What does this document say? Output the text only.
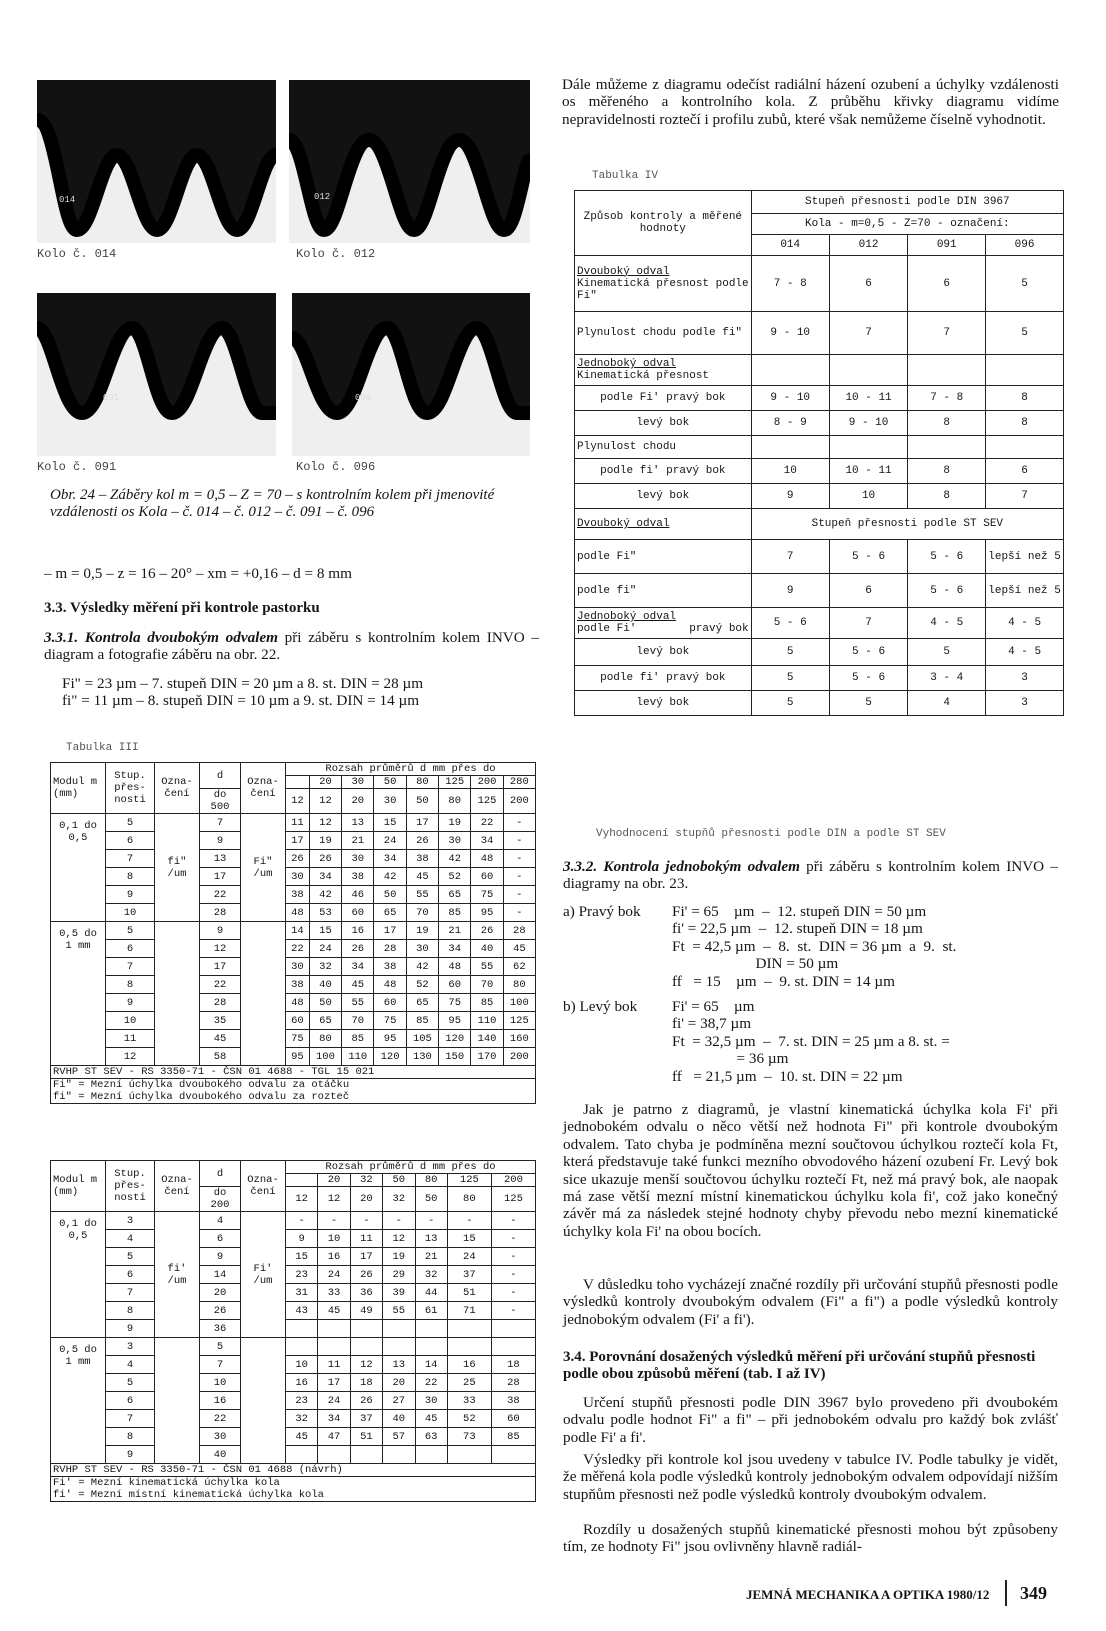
014	012
Kolo č. 014	Kolo č. 012
091	096
Kolo č. 091	Kolo č. 096
Obr. 24 – Záběry kol m = 0,5 – Z = 70 – s kontrolním kolem při jmenovité vzdálenosti os Kola – č. 014 – č. 012 – č. 091 – č. 096
– m = 0,5 – z = 16 – 20° – xm = +0,16 – d = 8 mm
3.3. Výsledky měření při kontrole pastorku
3.3.1. Kontrola dvoubokým odvalem při záběru s kontrolním kolem INVO – diagram a fotografie záběru na obr. 22.
Fi" = 23 µm – 7. stupeň DIN = 20 µm a 8. st. DIN = 28 µm
fi" = 11 µm – 8. stupeň DIN = 10 µm a 9. st. DIN = 14 µm
Tabulka III
Modul m (mm)	Stup. přes-nosti	Ozna-čení	d	Ozna-čení	Rozsah průměrů d mm přes do							
						20	30	50	80	125	200	280
			do 500		12	12	20	30	50	80	125	200
0,1 do 0,5	5	fi" /um	7	Fi" /um	11	12	13	15	17	19	22	-
	6		9		17	19	21	24	26	30	34	-
	7		13		26	26	30	34	38	42	48	-
	8		17		30	34	38	42	45	52	60	-
	9		22		38	42	46	50	55	65	75	-
	10		28		48	53	60	65	70	85	95	-
0,5 do 1 mm	5		9		14	15	16	17	19	21	26	28
	6		12		22	24	26	28	30	34	40	45
	7		17		30	32	34	38	42	48	55	62
	8		22		38	40	45	48	52	60	70	80
	9		28		48	50	55	60	65	75	85	100
	10		35		60	65	70	75	85	95	110	125
	11		45		75	80	85	95	105	120	140	160
	12		58		95	100	110	120	130	150	170	200
RVHP ST SEV - RS 3350-71 - ČSN 01 4688 - TGL 15 021												

Fi" = Mezní úchylka dvoubokého odvalu za otáčku
fi" = Mezní úchylka dvoubokého odvalu za rozteč												
Modul m (mm)	Stup. přes-nosti	Ozna-čení	d	Ozna-čení	Rozsah průměrů d mm přes do						
						20	32	50	80	125	200
			do 200		12	12	20	32	50	80	125
0,1 do 0,5	3	fi' /um	4	Fi' /um	-	-	-	-	-	-	-
	4		6		9	10	11	12	13	15	-
	5		9		15	16	17	19	21	24	-
	6		14		23	24	26	29	32	37	-
	7		20		31	33	36	39	44	51	-
	8		26		43	45	49	55	61	71	-
	9		36								
0,5 do 1 mm	3		5								
	4		7		10	11	12	13	14	16	18
	5		10		16	17	18	20	22	25	28
	6		16		23	24	26	27	30	33	38
	7		22		32	34	37	40	45	52	60
	8		30		45	47	51	57	63	73	85
	9		40								
RVHP ST SEV - RS 3350-71 - ČSN 01 4688 (návrh)											

Fi' = Mezní kinematická úchylka kola
fi' = Mezní místní kinematická úchylka kola											
Dále můžeme z diagramu odečíst radiální házení ozubení a úchylky vzdálenosti os měřeného a kontrolního kola. Z průběhu křivky diagramu vidíme nepravidelnosti roztečí i profilu zubů, které však nemůžeme číselně vyhodnotit.
Tabulka IV
Způsob kontroly a měřené hodnoty	Stupeň přesnosti podle DIN 3967			
	Kola - m=0,5 - Z=70 - označení:			
	014	012	091	096

Dvouboký odval
Kinematická přesnost podle Fi"	7 - 8	6	6	5
Plynulost chodu podle fi"	9 - 10	7	7	5

Jednoboký odval
Kinematická přesnost				

podle Fi' pravý bok	9 - 10	10 - 11	7 - 8	8
levý bok	8 - 9	9 - 10	8	8
Plynulost chodu				
podle fi' pravý bok	10	10 - 11	8	6
levý bok	9	10	8	7
Dvouboký odval	Stupeň přesnosti podle ST SEV			
podle Fi"	7	5 - 6	5 - 6	lepší než 5
podle fi"	9	6	5 - 6	lepší než 5

Jednoboký odval
podle Fi'        pravý bok	5 - 6	7	4 - 5	4 - 5
levý bok	5	5 - 6	5	4 - 5
podle fi' pravý bok	5	5 - 6	3 - 4	3
levý bok	5	5	4	3
Vyhodnocení stupňů přesnosti podle DIN a podle ST SEV
3.3.2. Kontrola jednobokým odvalem při záběru s kontrolním kolem INVO – diagramy na obr. 23.
a) Pravý bok	Fi' = 65    µm  –  12. stupeň DIN = 50 µm
fi' = 22,5 µm  –  12. stupeň DIN = 18 µm
Ft  = 42,5 µm  –  8.  st.  DIN = 36 µm  a  9.  st.
DIN = 50 µm
ff   = 15    µm  –  9. st. DIN = 14 µm
b) Levý bok	Fi' = 65    µm
fi' = 38,7 µm
Ft  = 32,5 µm  –  7. st. DIN = 25 µm a 8. st. =
= 36 µm
ff   = 21,5 µm  –  10. st. DIN = 22 µm
Jak je patrno z diagramů, je vlastní kinematická úchylka kola Fi' při jednobokém odvalu o něco větší než hodnota Fi" při kontrole dvoubokým odvalem. Tato chyba je podmíněna mezní součtovou úchylkou roztečí kola Ft, která představuje také funkci mezního obvodového házení ozubení Fr. Levý bok sice ukazuje menší součtovou úchylku roztečí Ft, než má pravý bok, ale naopak má zase větší mezní místní kinematickou úchylku kola fi', což jako konečný závěr má za následek stejné hodnoty chyby převodu nebo mezní kinematické úchylky kola Fi' na obou bocích.
V důsledku toho vycházejí značné rozdíly při určování stupňů přesnosti podle výsledků kontroly dvoubokým odvalem (Fi" a fi") a podle výsledků kontroly jednobokým odvalem (Fi' a fi').
3.4. Porovnání dosažených výsledků měření při určování stupňů přesnosti podle obou způsobů měření (tab. I až IV)
Určení stupňů přesnosti podle DIN 3967 bylo provedeno při dvoubokém odvalu podle hodnot Fi" a fi" – při jednobokém odvalu pro každý bok zvlášť podle Fi' a fi'.
Výsledky při kontrole kol jsou uvedeny v tabulce IV. Podle tabulky je vidět, že měřená kola podle výsledků kontroly jednobokým odvalem odpovídají nižším stupňům přesnosti než podle výsledků kontroly dvoubokým odvalem.
Rozdíly u dosažených stupňů kinematické přesnosti mohou být způsobeny tím, ze hodnoty Fi" jsou ovlivněny hlavně radiál-
JEMNÁ MECHANIKA A OPTIKA 1980/12 349
